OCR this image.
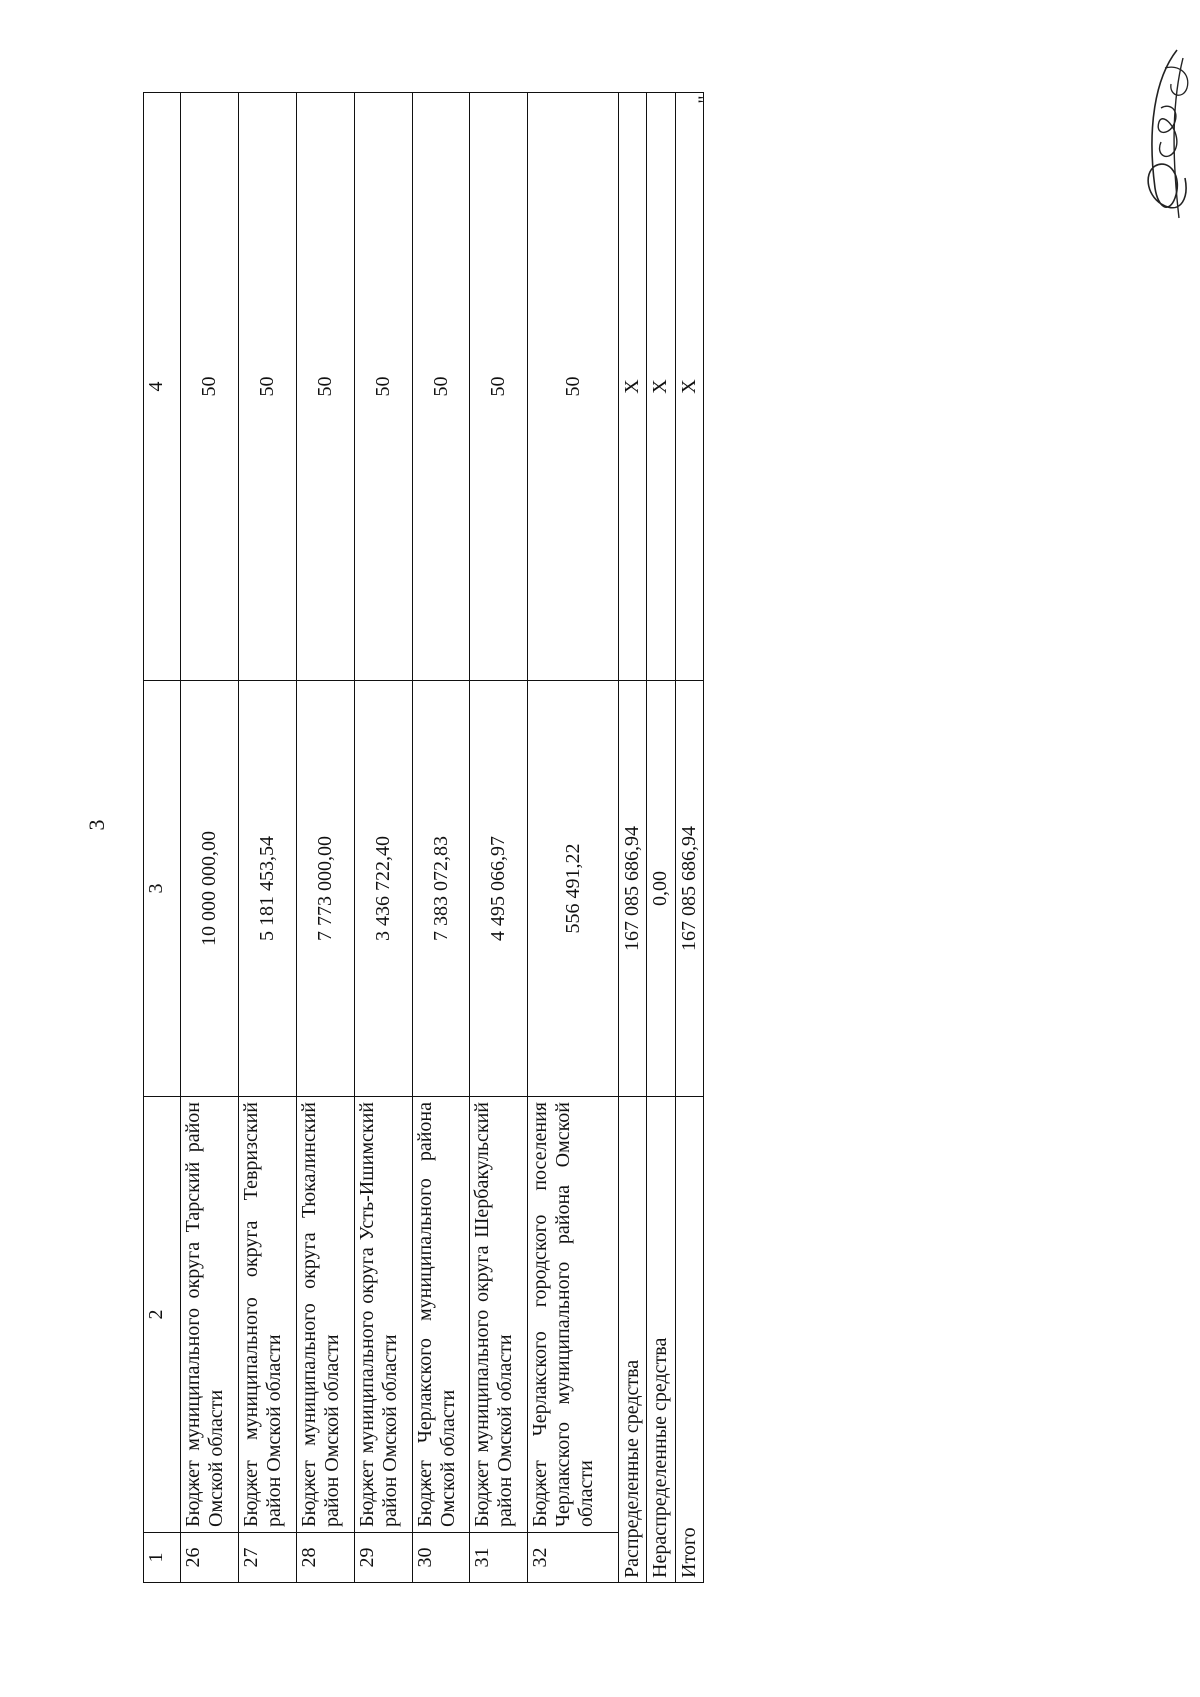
3
"
1	2	3	4
26	Бюджет муниципального округа Тарский район Омской области	10 000 000,00	50
27	Бюджет муниципального округа Тевризский район Омской области	5 181 453,54	50
28	Бюджет муниципального округа Тюкалинский район Омской области	7 773 000,00	50
29	Бюджет муниципального округа Усть-Ишимский район Омской области	3 436 722,40	50
30	Бюджет Черлакского муниципального района Омской области	7 383 072,83	50
31	Бюджет муниципального округа Шербакульский район Омской области	4 495 066,97	50
32	Бюджет Черлакского городского поселения Черлакского муниципального района Омской области	556 491,22	50
Распределенные средства		167 085 686,94	X
Нераспределенные средства		0,00	X
Итого		167 085 686,94	X
